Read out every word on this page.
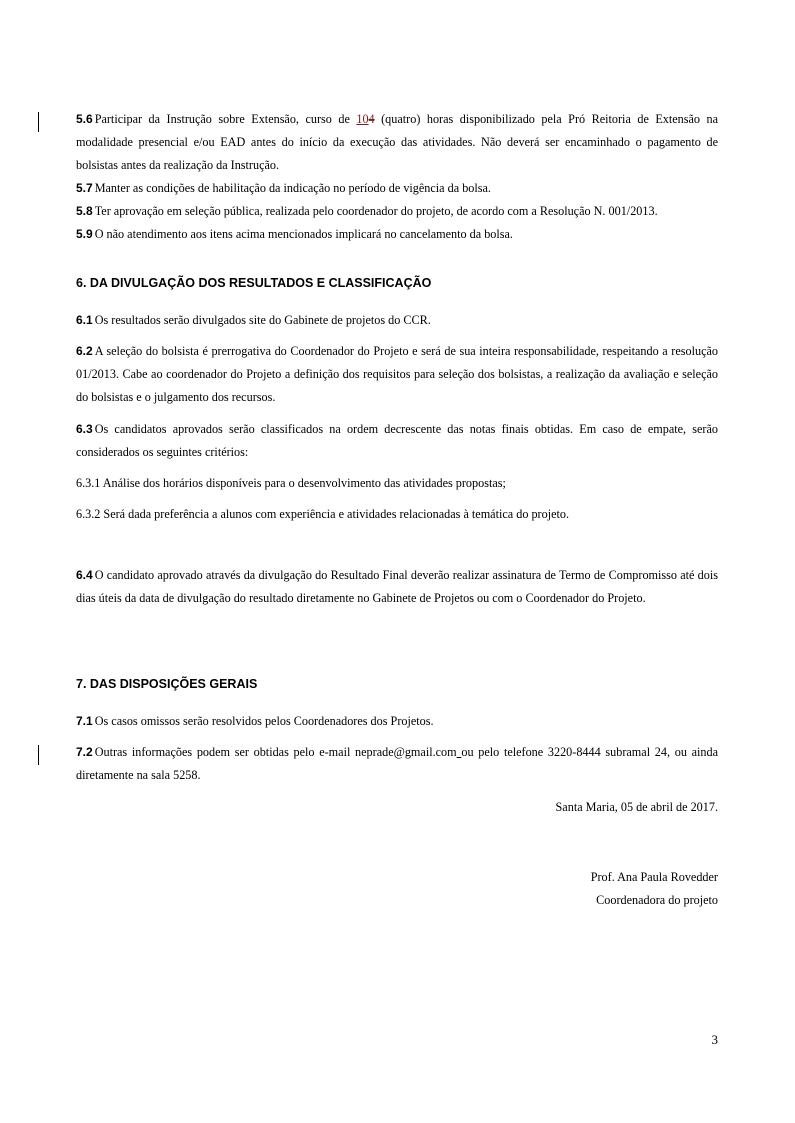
5.6 Participar da Instrução sobre Extensão, curso de 104 (quatro) horas disponibilizado pela Pró Reitoria de Extensão na modalidade presencial e/ou EAD antes do início da execução das atividades. Não deverá ser encaminhado o pagamento de bolsistas antes da realização da Instrução.

5.7 Manter as condições de habilitação da indicação no período de vigência da bolsa.

5.8 Ter aprovação em seleção pública, realizada pelo coordenador do projeto, de acordo com a Resolução N. 001/2013.

5.9 O não atendimento aos itens acima mencionados implicará no cancelamento da bolsa.

6. DA DIVULGAÇÃO DOS RESULTADOS E CLASSIFICAÇÃO

6.1 Os resultados serão divulgados site do Gabinete de projetos do CCR.

6.2 A seleção do bolsista é prerrogativa do Coordenador do Projeto e será de sua inteira responsabilidade, respeitando a resolução 01/2013. Cabe ao coordenador do Projeto a definição dos requisitos para seleção dos bolsistas, a realização da avaliação e seleção do bolsistas e o julgamento dos recursos.

6.3 Os candidatos aprovados serão classificados na ordem decrescente das notas finais obtidas. Em caso de empate, serão considerados os seguintes critérios:

6.3.1 Análise dos horários disponíveis para o desenvolvimento das atividades propostas;

6.3.2 Será dada preferência a alunos com experiência e atividades relacionadas à temática do projeto.

6.4 O candidato aprovado através da divulgação do Resultado Final deverão realizar assinatura de Termo de Compromisso até dois dias úteis da data de divulgação do resultado diretamente no Gabinete de Projetos ou com o Coordenador do Projeto.

7. DAS DISPOSIÇÕES GERAIS

7.1 Os casos omissos serão resolvidos pelos Coordenadores dos Projetos.

7.2 Outras informações podem ser obtidas pelo e-mail neprade@gmail.com ou pelo telefone 3220-8444 subramal 24, ou ainda diretamente na sala 5258.

Santa Maria, 05 de abril de 2017.

Prof. Ana Paula Rovedder

Coordenadora do projeto

3
